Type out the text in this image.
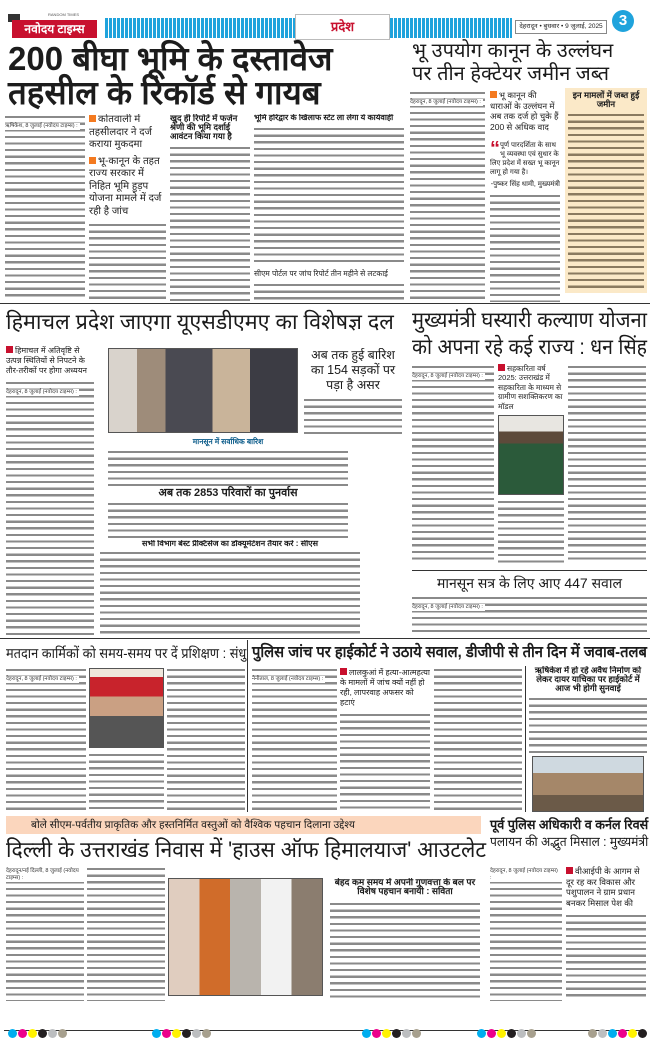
RANDOM TIMES
नवोदय टाइम्स	प्रदेश	देहरादून • बुधवार • 9 जुलाई, 2025	3
200 बीघा भूमि के दस्तावेज
तहसील के रिकॉर्ड से गायब
ऋषिकेश, 8 जुलाई (नवोदय टाइम्स) :
कोतवाली में तहसीलदार ने दर्ज कराया मुकदमा
भू-कानून के तहत राज्य सरकार में निहित भूमि हुड़प योजना मामले में दर्ज रही है जांच
खुद ही रिपोर्ट में फर्जन श्रेणी की भूमि दर्शाई आवंटन किया गया है
भूमि हरिद्वार के खिलाफ स्टेट ला लेगा ये कार्यवाही
सीएम पोर्टल पर जांच रिपोर्ट तीन महीने से लटकाई
भू उपयोग कानून के उल्लंघन
पर तीन हेक्टेयर जमीन जब्त
देहरादून, 8 जुलाई (नवोदय टाइम्स) :
भू कानून की धाराओं के उल्लंघन में अब तक दर्ज हो चुके हैं 200 से अधिक वाद
“ पूर्ण पारदर्शिता के साथ भू व्यवस्था एवं सुधार के लिए प्रदेश में सख्त भू कानून लागू हो गया है।
-पुष्कर सिंह धामी, मुख्यमंत्री
इन मामलों में जब्त हुई जमीन
हिमाचल प्रदेश जाएगा यूएसडीएमए का विशेषज्ञ दल
हिमाचल में अतिवृष्टि से उत्पन्न स्थितियों से निपटने के तौर-तरीकों पर होगा अध्ययन
देहरादून, 8 जुलाई (नवोदय टाइम्स) :
अब तक हुई बारिश का 154 सड़कों पर पड़ा है असर
मानसून में सर्वाधिक बारिश
अब तक 2853 परिवारों का पुनर्वास
सभी विभाग बेस्ट प्रैक्टिसेज का डॉक्यूमेंटेशन तैयार करें : सीएस
मुख्यमंत्री घस्यारी कल्याण योजना
को अपना रहे कई राज्य : धन सिंह
देहरादून, 8 जुलाई (नवोदय टाइम्स) :
सहकारिता वर्ष 2025: उत्तराखंड में सहकारिता के माध्यम से ग्रामीण सशक्तिकरण का मॉडल
मानसून सत्र के लिए आए 447 सवाल
देहरादून, 8 जुलाई (नवोदय टाइम्स) :
मतदान कार्मिकों को समय-समय पर दें प्रशिक्षण : संधु
देहरादून, 8 जुलाई (नवोदय टाइम्स) :
पुलिस जांच पर हाईकोर्ट ने उठाये सवाल, डीजीपी से तीन दिन में जवाब-तलब
नैनीताल, 8 जुलाई (नवोदय टाइम्स) :
लालकुआं में हत्या-आत्महत्या के मामलों में जांच क्यों नहीं हो रही, लापरवाह अफसर को हटाएं
ऋषिकेश में हो रहे अवैध निर्माण को लेकर दायर याचिका पर हाईकोर्ट में आज भी होगी सुनवाई
बोले सीएम-पर्वतीय प्राकृतिक और हस्तनिर्मित वस्तुओं को वैश्विक पहचान दिलाना उद्देश्य
दिल्ली के उत्तराखंड निवास में 'हाउस ऑफ हिमालयाज' आउटलेट
देहरादून/नई दिल्ली, 8 जुलाई (नवोदय टाइम्स) :	बेहद कम समय में अपनी गुणवत्ता के बल पर विशेष पहचान बनायी : सविता
पूर्व पुलिस अधिकारी व कर्नल रिवर्स
पलायन की अद्भुत मिसाल : मुख्यमंत्री
देहरादून, 8 जुलाई (नवोदय टाइम्स) :
वीआईपी के आगम से दूर रह कर विकास और पशुपालन ने ग्राम प्रधान बनकर मिसाल पेश की
